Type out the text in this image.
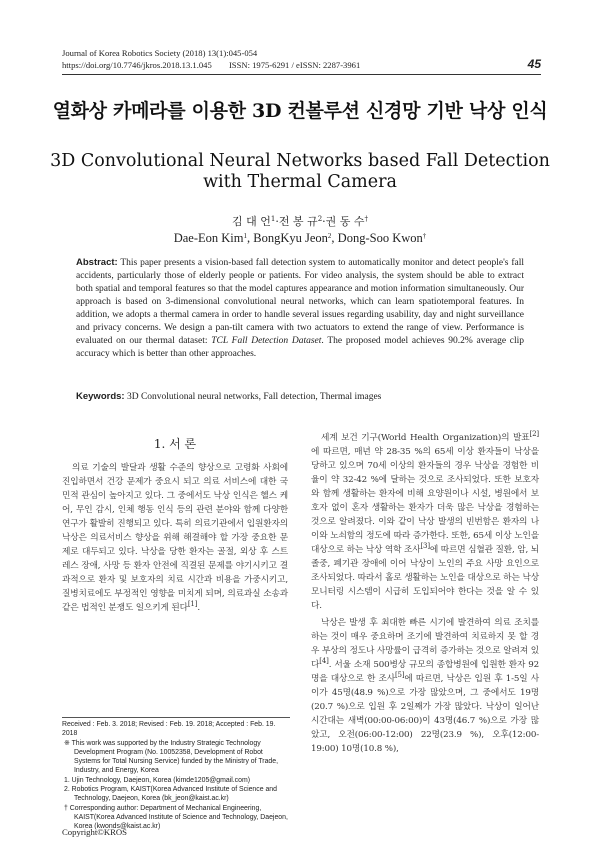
Journal of Korea Robotics Society (2018) 13(1):045-054
https://doi.org/10.7746/jkros.2018.13.1.045        ISSN: 1975-6291 / eISSN: 2287-3961	45
열화상 카메라를 이용한 3D 컨볼루션 신경망 기반 낙상 인식
3D Convolutional Neural Networks based Fall Detection
with Thermal Camera
김 대 언$^1$·전 봉 규$^2$·권 동 수†
Dae-Eon Kim$^1$, BongKyu Jeon$^2$, Dong-Soo Kwon†
Abstract: This paper presents a vision-based fall detection system to automatically monitor and detect people's fall accidents, particularly those of elderly people or patients. For video analysis, the system should be able to extract both spatial and temporal features so that the model captures appearance and motion information simultaneously. Our approach is based on 3-dimensional convolutional neural networks, which can learn spatiotemporal features. In addition, we adopts a thermal camera in order to handle several issues regarding usability, day and night surveillance and privacy concerns. We design a pan-tilt camera with two actuators to extend the range of view. Performance is evaluated on our thermal dataset: TCL Fall Detection Dataset. The proposed model achieves 90.2% average clip accuracy which is better than other approaches.
Keywords: 3D Convolutional neural networks, Fall detection, Thermal images
1. 서 론

의료 기술의 발달과 생활 수준의 향상으로 고령화 사회에 진입하면서 건강 문제가 중요시 되고 의료 서비스에 대한 국민적 관심이 높아지고 있다. 그 중에서도 낙상 인식은 헬스 케어, 무인 감시, 인체 행동 인식 등의 관련 분야와 함께 다양한 연구가 활발히 진행되고 있다. 특히 의료기관에서 입원환자의 낙상은 의료서비스 향상을 위해 해결해야 할 가장 중요한 문제로 대두되고 있다. 낙상을 당한 환자는 골절, 외상 후 스트레스 장애, 사망 등 환자 안전에 직결된 문제를 야기시키고 결과적으로 환자 및 보호자의 치료 시간과 비용을 가중시키고, 질병치료에도 부정적인 영향을 미치게 되며, 의료과실 소송과 같은 법적인 분쟁도 일으키게 된다[1].

세계 보건 기구(World Health Organization)의 발표[2]에 따르면, 매년 약 28-35 %의 65세 이상 환자들이 낙상을 당하고 있으며 70세 이상의 환자들의 경우 낙상을 경험한 비율이 약 32-42 %에 달하는 것으로 조사되었다. 또한 보호자와 함께 생활하는 환자에 비해 요양원이나 시설, 병원에서 보호자 없이 혼자 생활하는 환자가 더욱 많은 낙상을 경험하는 것으로 알려졌다. 이와 같이 낙상 발생의 빈번함은 환자의 나이와 노쇠함의 정도에 따라 증가한다. 또한, 65세 이상 노인을 대상으로 하는 낙상 역학 조사[3]에 따르면 심혈관 질환, 암, 뇌졸중, 폐기관 장애에 이어 낙상이 노인의 주요 사망 요인으로 조사되었다. 따라서 홀로 생활하는 노인을 대상으로 하는 낙상 모니터링 시스템이 시급히 도입되어야 한다는 것을 알 수 있다.

낙상은 발생 후 최대한 빠른 시기에 발견하여 의료 조치를 하는 것이 매우 중요하며 조기에 발견하여 치료하지 못 할 경우 부상의 정도나 사망률이 급격히 증가하는 것으로 알려져 있다[4]. 서울 소재 500병상 규모의 종합병원에 입원한 환자 92명을 대상으로 한 조사[5]에 따르면, 낙상은 입원 후 1-5일 사이가 45명(48.9 %)으로 가장 많았으며, 그 중에서도 19명(20.7 %)으로 입원 후 2일째가 가장 많았다. 낙상이 일어난 시간대는 새벽(00:00-06:00)이 43명(46.7 %)으로 가장 많았고, 오전(06:00-12:00) 22명(23.9 %), 오후(12:00-19:00) 10명(10.8 %),

Received : Feb. 3. 2018; Revised : Feb. 19. 2018; Accepted : Feb. 19. 2018
※ This work was supported by the Industry Strategic Technology Development Program (No. 10052358, Development of Robot Systems for Total Nursing Service) funded by the Ministry of Trade, Industry, and Energy, Korea
1. Ujin Technology, Daejeon, Korea (kimde1205@gmail.com)
2. Robotics Program, KAIST(Korea Advanced Institute of Science and Technology, Daejeon, Korea (bk_jeon@kaist.ac.kr)
† Corresponding author: Department of Mechanical Engineering, KAIST(Korea Advanced Institute of Science and Technology, Daejeon, Korea (kwonds@kaist.ac.kr)
Copyright©KROS
